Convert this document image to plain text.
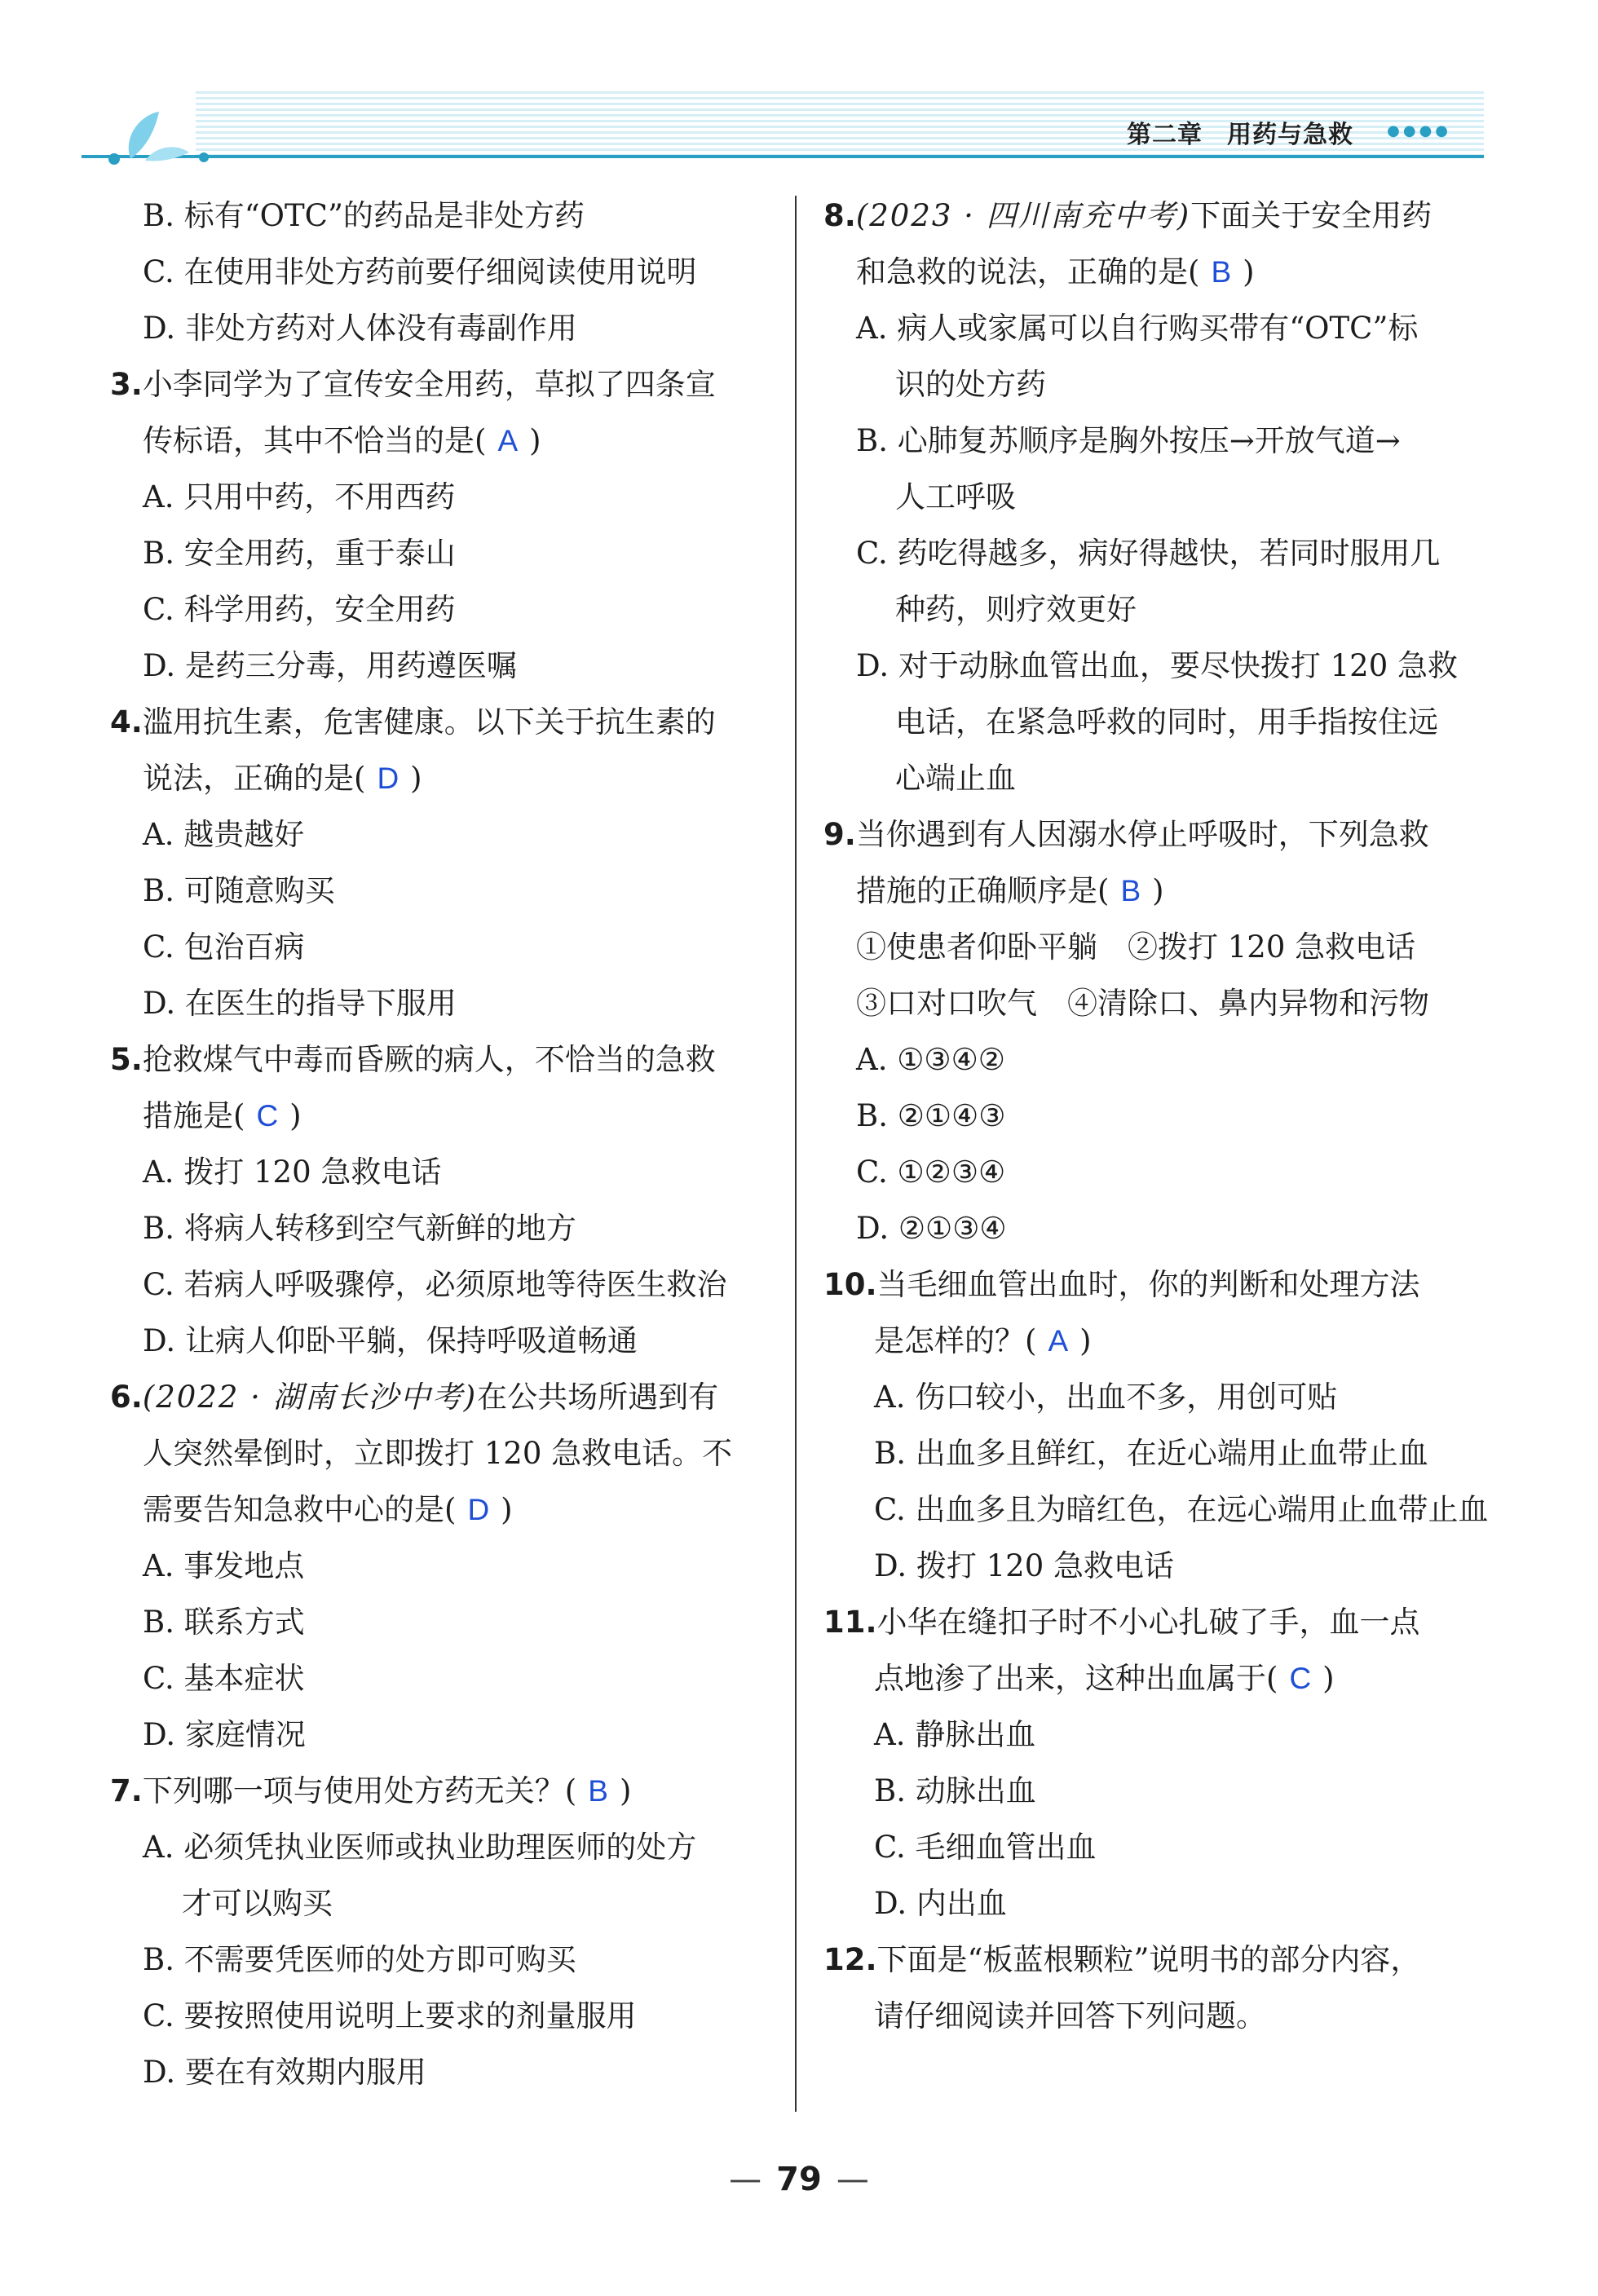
第二章 用药与急救 ●●●●
B. 标有“OTC”的药品是非处方药
C. 在使用非处方药前要仔细阅读使用说明
D. 非处方药对人体没有毒副作用
3.小李同学为了宣传安全用药，草拟了四条宣
传标语，其中不恰当的是( A )
A. 只用中药，不用西药
B. 安全用药，重于泰山
C. 科学用药，安全用药
D. 是药三分毒，用药遵医嘱
4.滥用抗生素，危害健康。以下关于抗生素的
说法，正确的是( D )
A. 越贵越好
B. 可随意购买
C. 包治百病
D. 在医生的指导下服用
5.抢救煤气中毒而昏厥的病人，不恰当的急救
措施是( C )
A. 拨打 120 急救电话
B. 将病人转移到空气新鲜的地方
C. 若病人呼吸骤停，必须原地等待医生救治
D. 让病人仰卧平躺，保持呼吸道畅通
6.(2022 · 湖南长沙中考)在公共场所遇到有
人突然晕倒时，立即拨打 120 急救电话。不
需要告知急救中心的是( D )
A. 事发地点
B. 联系方式
C. 基本症状
D. 家庭情况
7.下列哪一项与使用处方药无关？( B )
A. 必须凭执业医师或执业助理医师的处方
才可以购买
B. 不需要凭医师的处方即可购买
C. 要按照使用说明上要求的剂量服用
D. 要在有效期内服用
8.(2023 · 四川南充中考)下面关于安全用药
和急救的说法，正确的是( B )
A. 病人或家属可以自行购买带有“OTC”标
识的处方药
B. 心肺复苏顺序是胸外按压→开放气道→
人工呼吸
C. 药吃得越多，病好得越快，若同时服用几
种药，则疗效更好
D. 对于动脉血管出血，要尽快拨打 120 急救
电话，在紧急呼救的同时，用手指按住远
心端止血
9.当你遇到有人因溺水停止呼吸时，下列急救
措施的正确顺序是( B )
①使患者仰卧平躺　②拨打 120 急救电话
③口对口吹气　④清除口、鼻内异物和污物
A. ①③④②
B. ②①④③
C. ①②③④
D. ②①③④
10.当毛细血管出血时，你的判断和处理方法
是怎样的？( A )
A. 伤口较小，出血不多，用创可贴
B. 出血多且鲜红，在近心端用止血带止血
C. 出血多且为暗红色，在远心端用止血带止血
D. 拨打 120 急救电话
11.小华在缝扣子时不小心扎破了手，血一点
点地渗了出来，这种出血属于( C )
A. 静脉出血
B. 动脉出血
C. 毛细血管出血
D. 内出血
12.下面是“板蓝根颗粒”说明书的部分内容，
请仔细阅读并回答下列问题。
— 79 —
